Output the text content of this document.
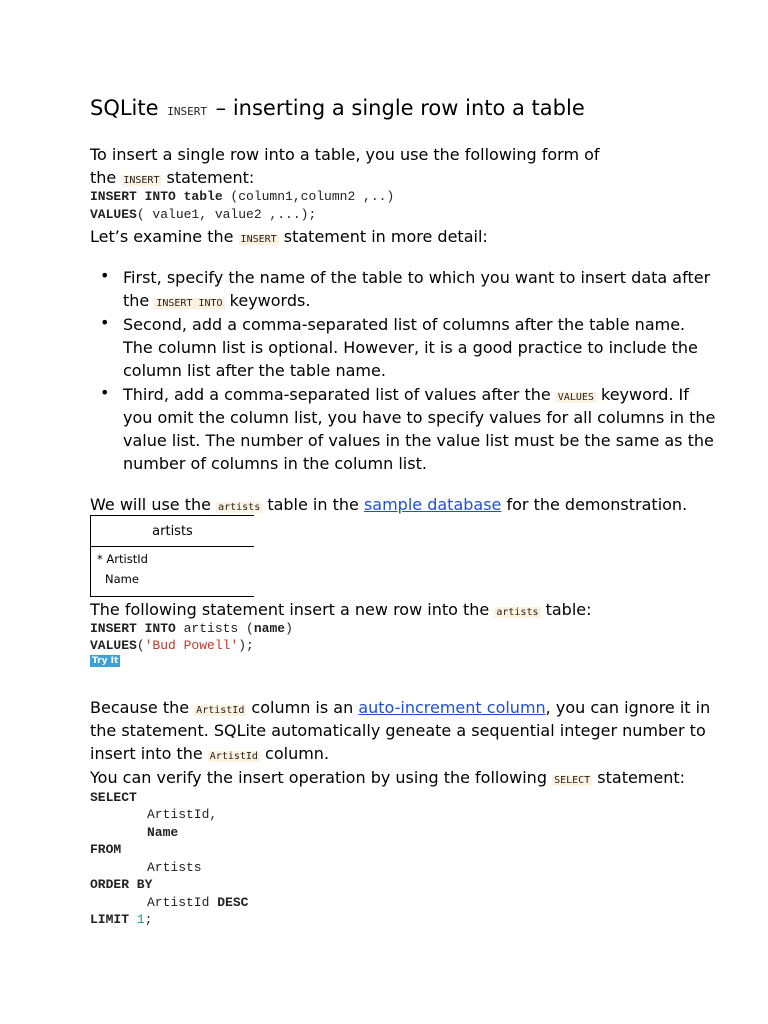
SQLite INSERT – inserting a single row into a table
To insert a single row into a table, you use the following form of
the INSERT statement:
INSERT INTO table (column1,column2 ,..)
VALUES( value1, value2 ,...);
Let’s examine the INSERT statement in more detail:
• First, specify the name of the table to which you want to insert data after
the INSERT INTO keywords.
• Second, add a comma-separated list of columns after the table name.
The column list is optional. However, it is a good practice to include the
column list after the table name.
• Third, add a comma-separated list of values after the VALUES keyword. If
you omit the column list, you have to specify values for all columns in the
value list. The number of values in the value list must be the same as the
number of columns in the column list.
We will use the artists table in the sample database for the demonstration.
artists
* ArtistId
Name
The following statement insert a new row into the artists table:
INSERT INTO artists (name)
VALUES('Bud Powell');
Try It
Because the ArtistId column is an auto-increment column, you can ignore it in
the statement. SQLite automatically geneate a sequential integer number to
insert into the ArtistId column.
You can verify the insert operation by using the following SELECT statement:
SELECT
ArtistId,
Name
FROM
Artists
ORDER BY
ArtistId DESC
LIMIT 1;
